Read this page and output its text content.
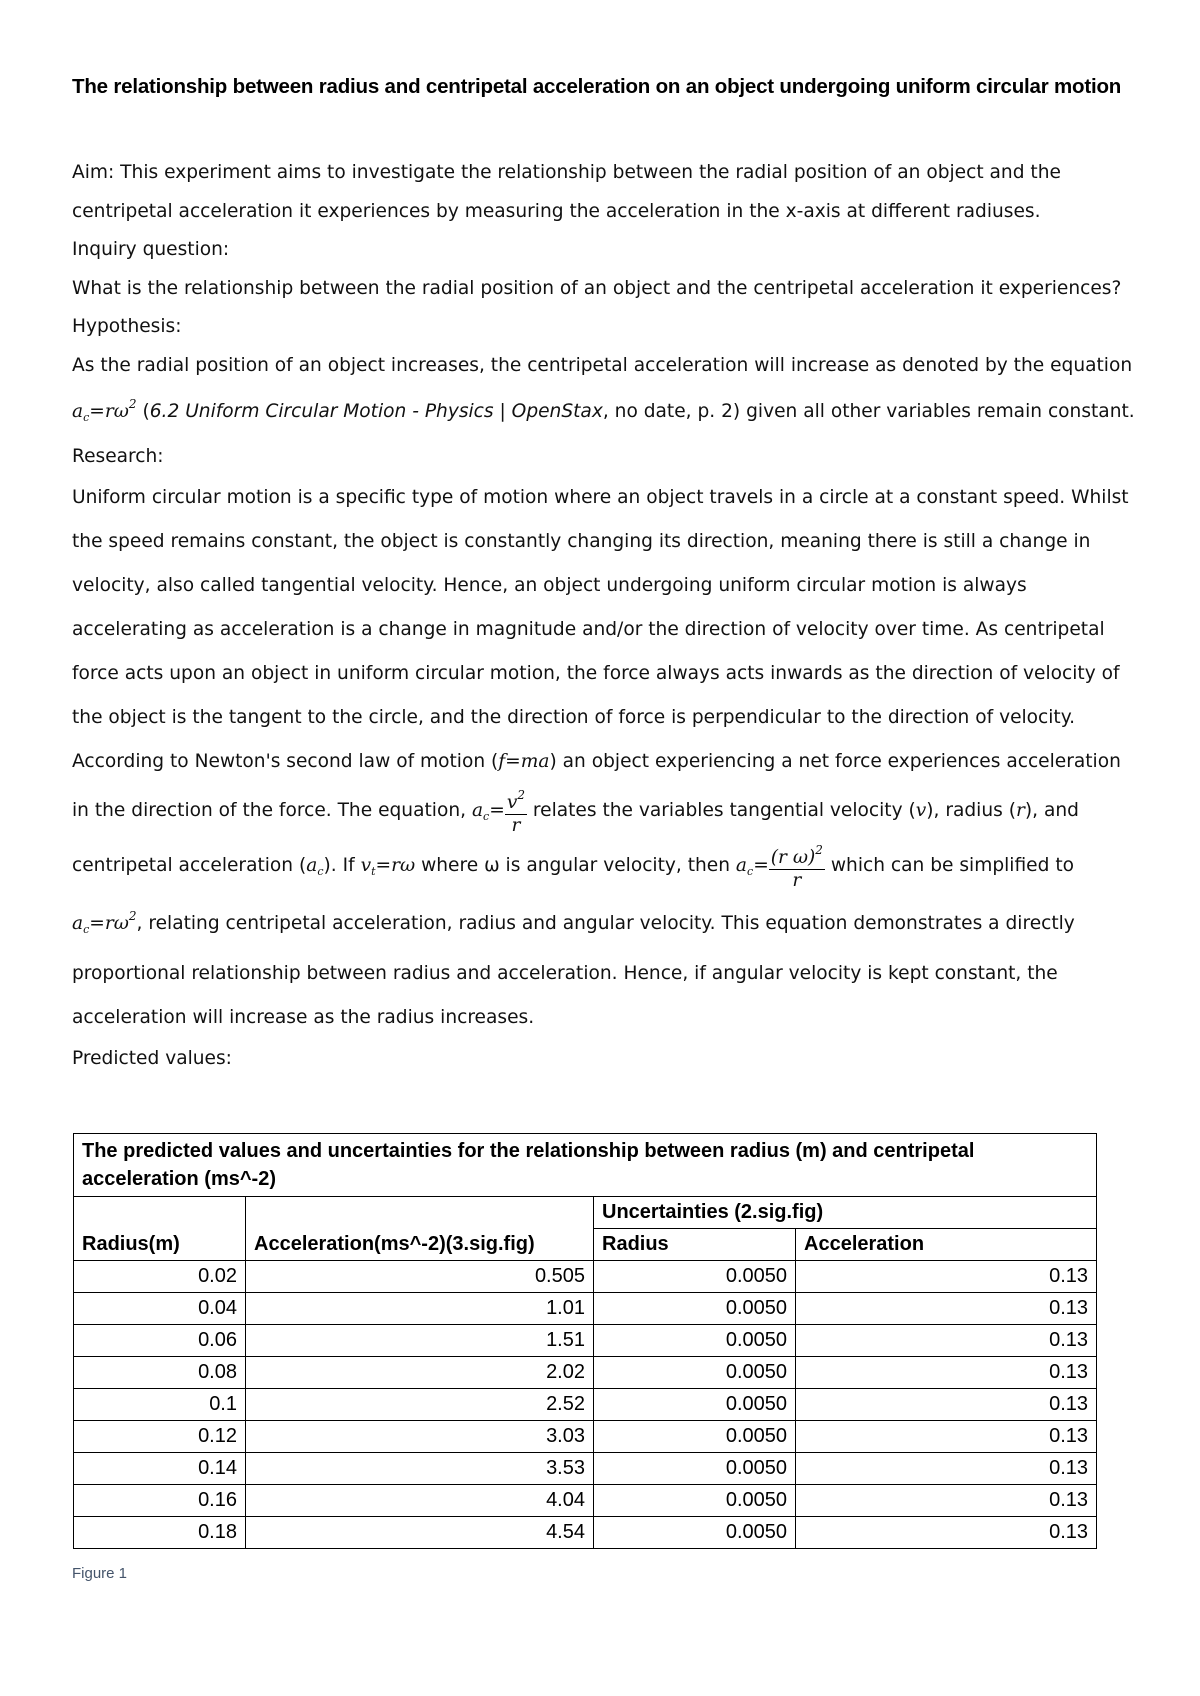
The relationship between radius and centripetal acceleration on an object undergoing uniform circular motion

Aim: This experiment aims to investigate the relationship between the radial position of an object and the centripetal acceleration it experiences by measuring the acceleration in the x-axis at different radiuses.

Inquiry question:

What is the relationship between the radial position of an object and the centripetal acceleration it experiences?

Hypothesis:

As the radial position of an object increases, the centripetal acceleration will increase as denoted by the equation $a_c=r\omega^2$ (6.2 Uniform Circular Motion - Physics | OpenStax, no date, p. 2) given all other variables remain constant.

Research:

Uniform circular motion is a specific type of motion where an object travels in a circle at a constant speed. Whilst the speed remains constant, the object is constantly changing its direction, meaning there is still a change in velocity, also called tangential velocity. Hence, an object undergoing uniform circular motion is always accelerating as acceleration is a change in magnitude and/or the direction of velocity over time. As centripetal force acts upon an object in uniform circular motion, the force always acts inwards as the direction of velocity of the object is the tangent to the circle, and the direction of force is perpendicular to the direction of velocity. According to Newton's second law of motion (f=ma) an object experiencing a net force experiences acceleration in the direction of the force. The equation, $a_c= \frac{v^2}{r}$ relates the variables tangential velocity (v), radius (r), and centripetal acceleration $(a_c)$. If $v_t=r\omega$ where ω is angular velocity, then $a_c= \frac{(r \omega)^2}{r}$ which can be simplified to $a_c=r\omega^2$, relating centripetal acceleration, radius and angular velocity. This equation demonstrates a directly proportional relationship between radius and acceleration. Hence, if angular velocity is kept constant, the acceleration will increase as the radius increases.

Predicted values:

The predicted values and uncertainties for the relationship between radius (m) and centripetal acceleration (ms^-2)			
Radius(m)	Acceleration(ms^-2)(3.sig.fig)	Uncertainties (2.sig.fig)	
		Radius	Acceleration
0.02	0.505	0.0050	0.13
0.04	1.01	0.0050	0.13
0.06	1.51	0.0050	0.13
0.08	2.02	0.0050	0.13
0.1	2.52	0.0050	0.13
0.12	3.03	0.0050	0.13
0.14	3.53	0.0050	0.13
0.16	4.04	0.0050	0.13
0.18	4.54	0.0050	0.13
Figure 1
